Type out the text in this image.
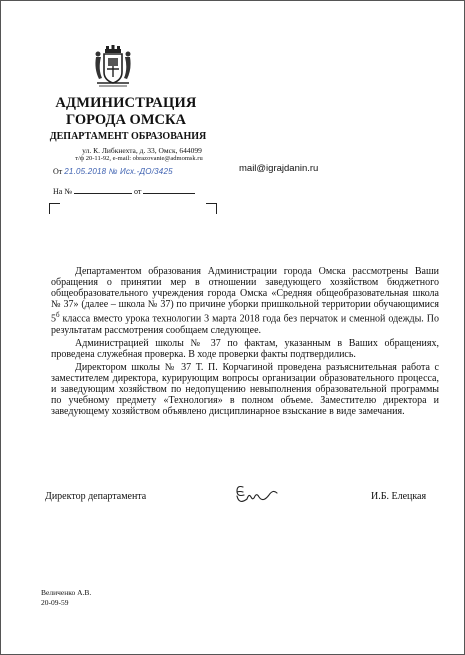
АДМИНИСТРАЦИЯ
ГОРОДА ОМСКА
ДЕПАРТАМЕНТ ОБРАЗОВАНИЯ
ул. К. Либкнехта, д. 33, Омск, 644099
т/ф 20-11-92, e-mail: obrazovanie@admomsk.ru
От 21.05.2018 № Исх.-ДО/3425	mail@igrajdanin.ru
На №	от

Департаментом образования Администрации города Омска рассмотрены Ваши обращения о принятии мер в отношении заведующего хозяйством бюджетного общеобразовательного учреждения города Омска «Средняя общеобразовательная школа № 37» (далее – школа № 37) по причине уборки пришкольной территории обучающимися $5^б$ класса вместо урока технологии 3 марта 2018 года без перчаток и сменной одежды. По результатам рассмотрения сообщаем следующее.

Администрацией школы № 37 по фактам, указанным в Ваших обращениях, проведена служебная проверка. В ходе проверки факты подтвердились.

Директором школы № 37 Т. П. Корчагиной проведена разъяснительная работа с заместителем директора, курирующим вопросы организации образовательного процесса, и заведующим хозяйством по недопущению невыполнения образовательной программы по учебному предмету «Технология» в полном объеме. Заместителю директора и заведующему хозяйством объявлено дисциплинарное взыскание в виде замечания.

Директор департамента	И.Б. Елецкая
Величенко А.В.
20-09-59
